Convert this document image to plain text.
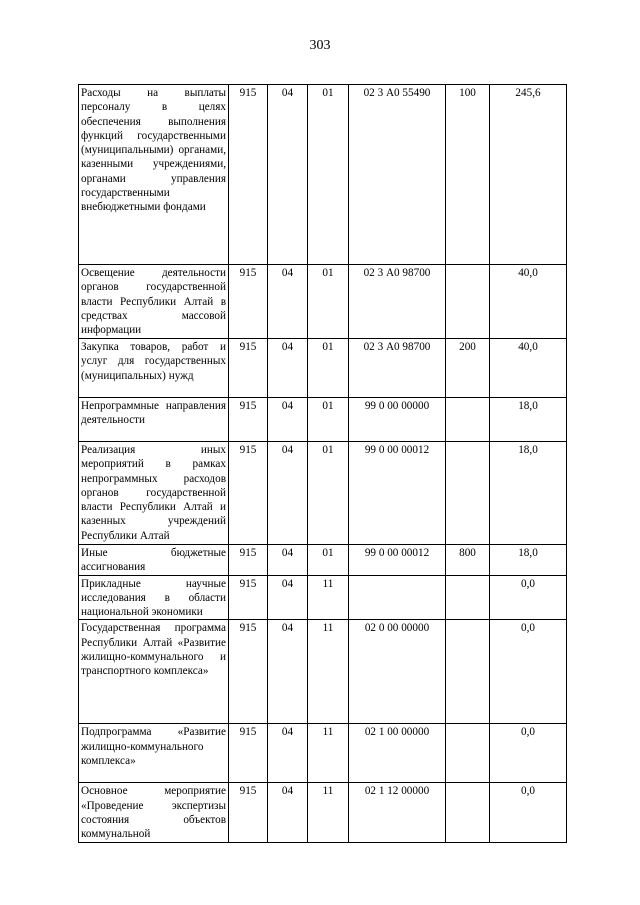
303
Расходы на выплаты персоналу в целях обеспечения выполнения функций государственными (муниципальными) органами, казенными учреждениями, органами управления государственными внебюджетными фондами	915	04	01	02 3 А0 55490	100	245,6
Освещение деятельности органов государственной власти Республики Алтай в средствах массовой информации	915	04	01	02 3 А0 98700		40,0
Закупка товаров, работ и услуг для государственных (муниципальных) нужд	915	04	01	02 3 А0 98700	200	40,0
Непрограммные направления деятельности	915	04	01	99 0 00 00000		18,0
Реализация иных мероприятий в рамках непрограммных расходов органов государственной власти Республики Алтай и казенных учреждений Республики Алтай	915	04	01	99 0 00 00012		18,0
Иные бюджетные ассигнования	915	04	01	99 0 00 00012	800	18,0
Прикладные научные исследования в области национальной экономики	915	04	11			0,0
Государственная программа Республики Алтай «Развитие жилищно-коммунального и транспортного комплекса»	915	04	11	02 0 00 00000		0,0
Подпрограмма «Развитие жилищно-коммунального комплекса»	915	04	11	02 1 00 00000		0,0
Основное мероприятие «Проведение экспертизы состояния объектов коммунальной	915	04	11	02 1 12 00000		0,0
